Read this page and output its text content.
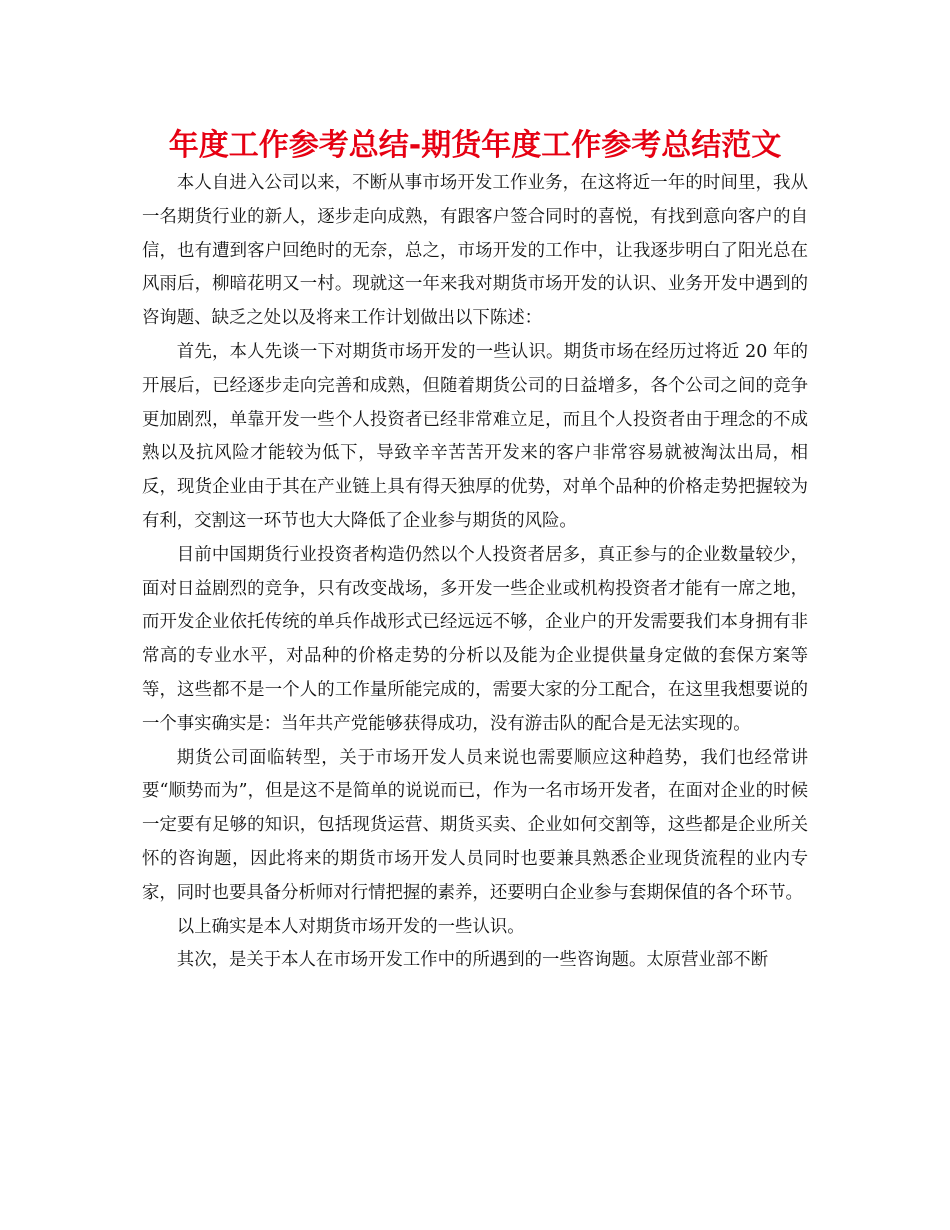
年度工作参考总结-期货年度工作参考总结范文

本人自进入公司以来，不断从事市场开发工作业务，在这将近一年的时间里，我从一名期货行业的新人，逐步走向成熟，有跟客户签合同时的喜悦，有找到意向客户的自信，也有遭到客户回绝时的无奈，总之，市场开发的工作中，让我逐步明白了阳光总在风雨后，柳暗花明又一村。现就这一年来我对期货市场开发的认识、业务开发中遇到的咨询题、缺乏之处以及将来工作计划做出以下陈述：

首先，本人先谈一下对期货市场开发的一些认识。期货市场在经历过将近 20 年的开展后，已经逐步走向完善和成熟，但随着期货公司的日益增多，各个公司之间的竞争更加剧烈，单靠开发一些个人投资者已经非常难立足，而且个人投资者由于理念的不成熟以及抗风险才能较为低下，导致辛辛苦苦开发来的客户非常容易就被淘汰出局，相反，现货企业由于其在产业链上具有得天独厚的优势，对单个品种的价格走势把握较为有利，交割这一环节也大大降低了企业参与期货的风险。

目前中国期货行业投资者构造仍然以个人投资者居多，真正参与的企业数量较少，面对日益剧烈的竞争，只有改变战场，多开发一些企业或机构投资者才能有一席之地，而开发企业依托传统的单兵作战形式已经远远不够，企业户的开发需要我们本身拥有非常高的专业水平，对品种的价格走势的分析以及能为企业提供量身定做的套保方案等等，这些都不是一个人的工作量所能完成的，需要大家的分工配合，在这里我想要说的一个事实确实是：当年共产党能够获得成功，没有游击队的配合是无法实现的。

期货公司面临转型，关于市场开发人员来说也需要顺应这种趋势，我们也经常讲要“顺势而为”，但是这不是简单的说说而已，作为一名市场开发者，在面对企业的时候一定要有足够的知识，包括现货运营、期货买卖、企业如何交割等，这些都是企业所关怀的咨询题，因此将来的期货市场开发人员同时也要兼具熟悉企业现货流程的业内专家，同时也要具备分析师对行情把握的素养，还要明白企业参与套期保值的各个环节。

以上确实是本人对期货市场开发的一些认识。

其次，是关于本人在市场开发工作中的所遇到的一些咨询题。太原营业部不断
